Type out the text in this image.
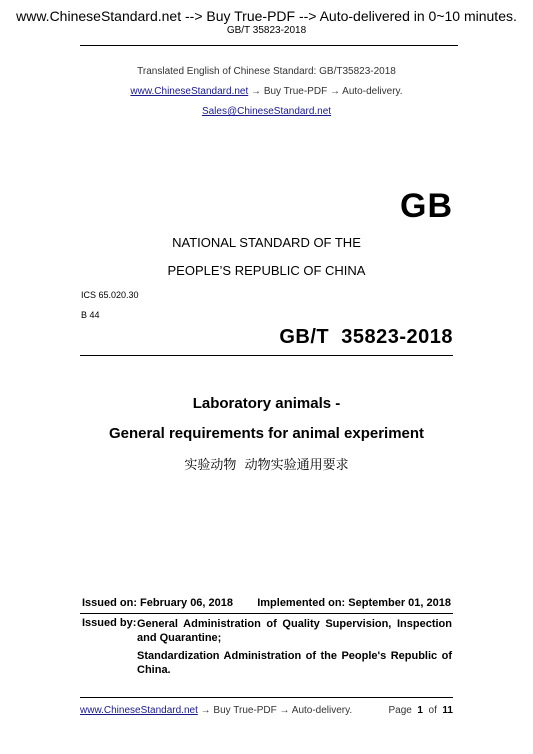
www.ChineseStandard.net --> Buy True-PDF --> Auto-delivered in 0~10 minutes.
GB/T 35823-2018
Translated English of Chinese Standard: GB/T35823-2018
www.ChineseStandard.net → Buy True-PDF → Auto-delivery.
Sales@ChineseStandard.net
GB
NATIONAL STANDARD OF THE
PEOPLE’S REPUBLIC OF CHINA
ICS 65.020.30
B 44
GB/T  35823-2018
Laboratory animals -
General requirements for animal experiment
实验动物  动物实验通用要求
Issued on: February 06, 2018 Implemented on: September 01, 2018
Issued by: General Administration of Quality Supervision, Inspection and Quarantine;
Standardization Administration of the People's Republic of China.
www.ChineseStandard.net → Buy True-PDF → Auto-delivery.	Page 1 of 11
